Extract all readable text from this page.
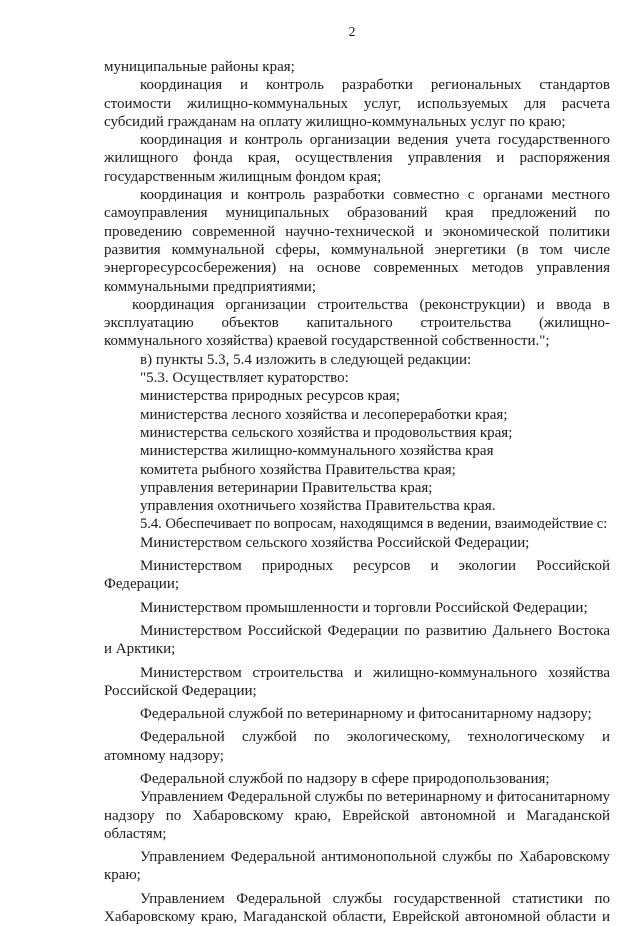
2
муниципальные районы края;
координация и контроль разработки региональных стандартов
стоимости жилищно-коммунальных услуг, используемых для расчета
субсидий гражданам на оплату жилищно-коммунальных услуг по краю;
координация и контроль организации ведения учета государственного
жилищного фонда края, осуществления управления и распоряжения
государственным жилищным фондом края;
координация и контроль разработки совместно с органами местного
самоуправления муниципальных образований края предложений по
проведению современной научно-технической и экономической политики
развития коммунальной сферы, коммунальной энергетики (в том числе
энергоресурсосбережения) на основе современных методов управления
коммунальными предприятиями;
координация организации строительства (реконструкции) и ввода в
эксплуатацию объектов капитального строительства (жилищно-
коммунального хозяйства) краевой государственной собственности.";
в) пункты 5.3, 5.4 изложить в следующей редакции:
"5.3. Осуществляет кураторство:
министерства природных ресурсов края;
министерства лесного хозяйства и лесопереработки края;
министерства сельского хозяйства и продовольствия края;
министерства жилищно-коммунального хозяйства края
комитета рыбного хозяйства Правительства края;
управления ветеринарии Правительства края;
управления охотничьего хозяйства Правительства края.
5.4. Обеспечивает по вопросам, находящимся в ведении, взаимодействие с:
Министерством сельского хозяйства Российской Федерации;
Министерством природных ресурсов и экологии Российской
Федерации;
Министерством промышленности и торговли Российской Федерации;
Министерством Российской Федерации по развитию Дальнего Востока
и Арктики;
Министерством строительства и жилищно-коммунального хозяйства
Российской Федерации;
Федеральной службой по ветеринарному и фитосанитарному надзору;
Федеральной службой по экологическому, технологическому и
атомному надзору;
Федеральной службой по надзору в сфере природопользования;
Управлением Федеральной службы по ветеринарному и фитосанитарному
надзору по Хабаровскому краю, Еврейской автономной и Магаданской
областям;
Управлением Федеральной антимонопольной службы по Хабаровскому
краю;
Управлением Федеральной службы государственной статистики по
Хабаровскому краю, Магаданской области, Еврейской автономной области и
